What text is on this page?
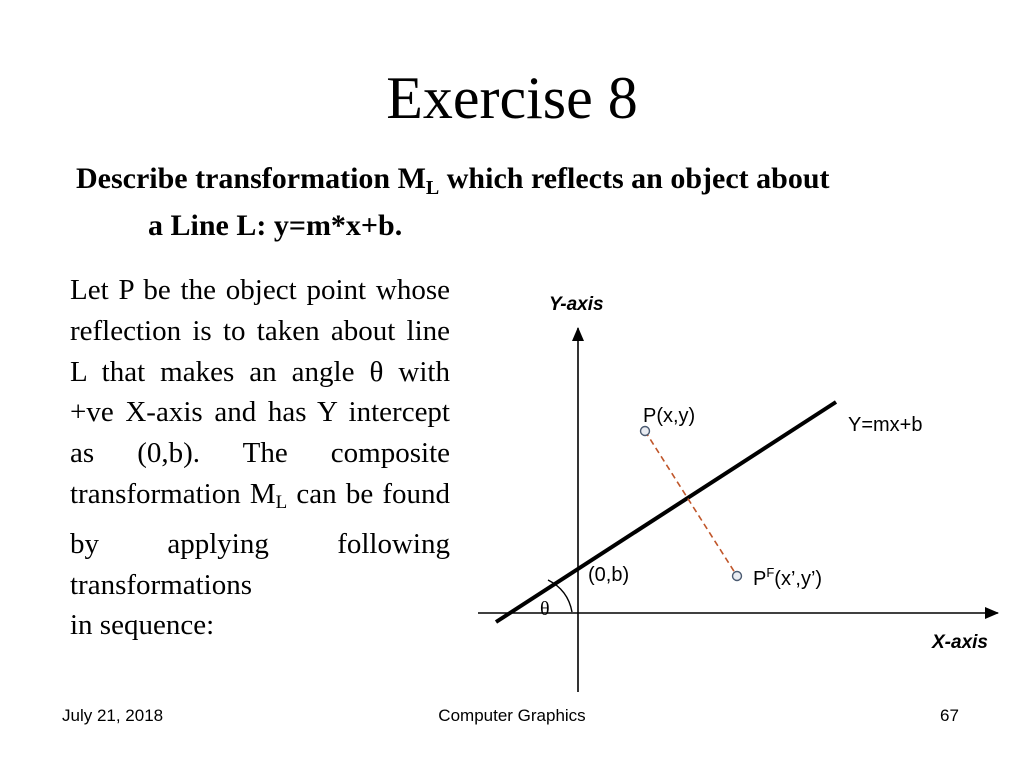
Exercise 8
Describe transformation $M_L$ which reflects an object about
a Line L: y=m*x+b.
Let P be the object point whose reflection is to taken about line L that makes an angle θ with +ve X-axis and has Y intercept as (0,b). The composite transformation $M_L$ can be found by applying following transformations
in sequence:
Y-axis
X-axis
P(x,y)	Y=mx+b
(0,b)
θ
$P^F(x’,y’)$
July 21, 2018	Computer Graphics	67
